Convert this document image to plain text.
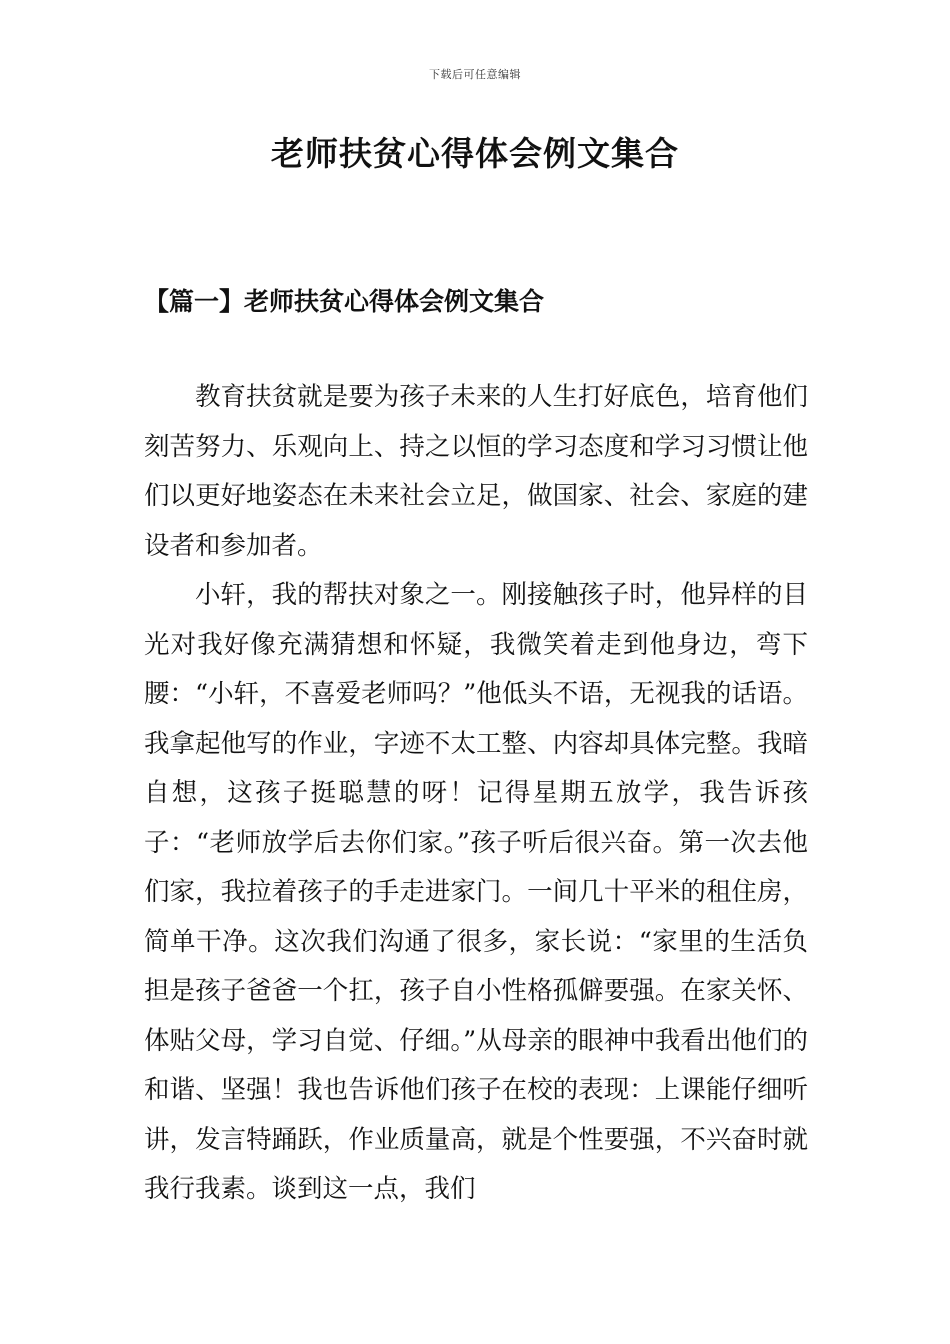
下载后可任意编辑
老师扶贫心得体会例文集合
【篇一】老师扶贫心得体会例文集合

教育扶贫就是要为孩子未来的人生打好底色，培育他们刻苦努力、乐观向上、持之以恒的学习态度和学习习惯让他们以更好地姿态在未来社会立足，做国家、社会、家庭的建设者和参加者。

小轩，我的帮扶对象之一。刚接触孩子时，他异样的目光对我好像充满猜想和怀疑，我微笑着走到他身边，弯下腰：“小轩，不喜爱老师吗？”他低头不语，无视我的话语。我拿起他写的作业，字迹不太工整、内容却具体完整。我暗自想，这孩子挺聪慧的呀！记得星期五放学，我告诉孩子：“老师放学后去你们家。”孩子听后很兴奋。第一次去他们家，我拉着孩子的手走进家门。一间几十平米的租住房，简单干净。这次我们沟通了很多，家长说：“家里的生活负担是孩子爸爸一个扛，孩子自小性格孤僻要强。在家关怀、体贴父母，学习自觉、仔细。”从母亲的眼神中我看出他们的和谐、坚强！我也告诉他们孩子在校的表现：上课能仔细听讲，发言特踊跃，作业质量高，就是个性要强，不兴奋时就我行我素。谈到这一点，我们
